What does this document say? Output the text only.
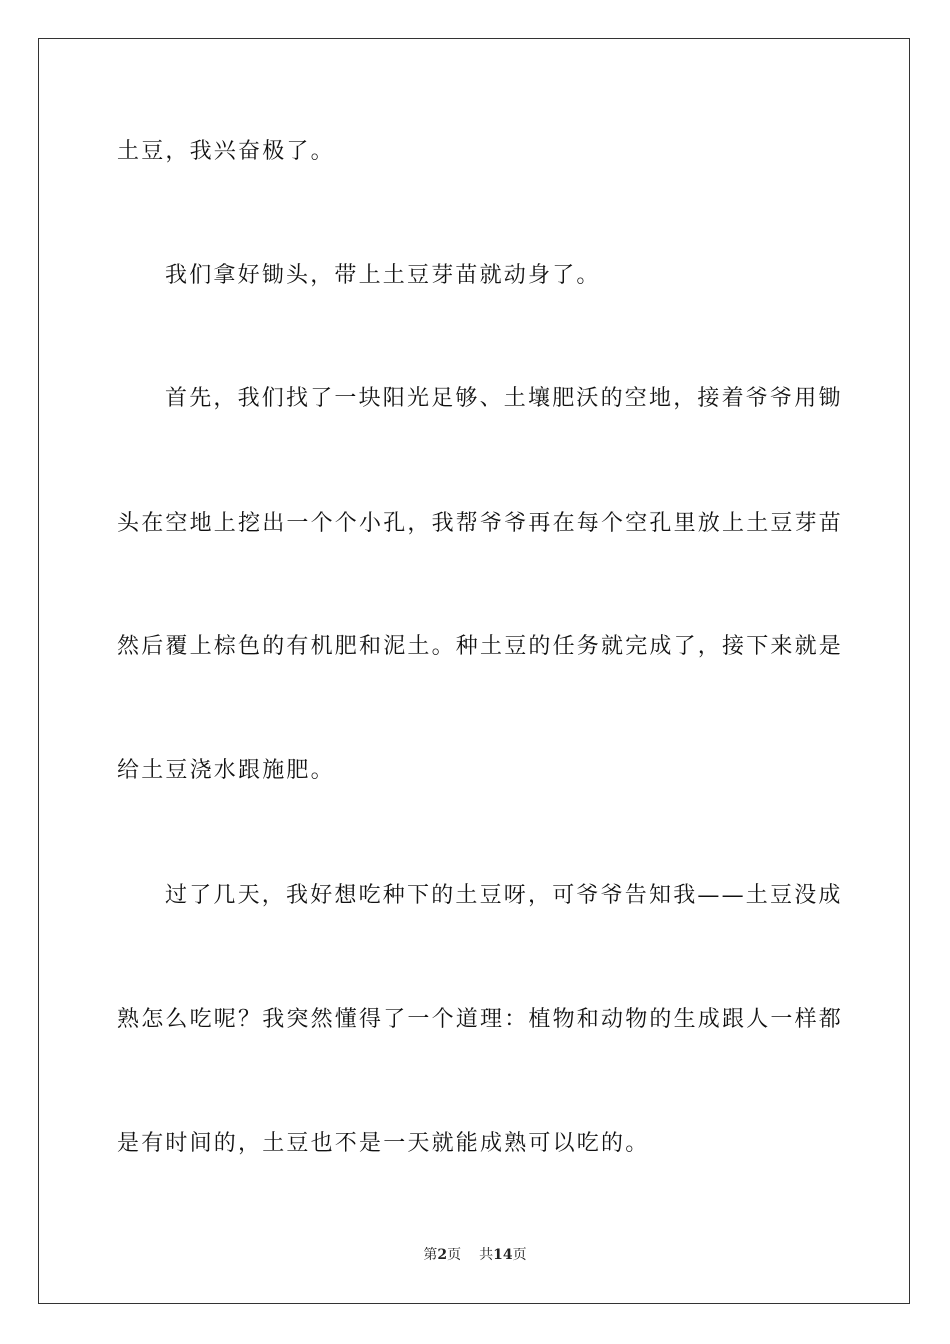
土豆，我兴奋极了。
我们拿好锄头，带上土豆芽苗就动身了。
首先，我们找了一块阳光足够、土壤肥沃的空地，接着爷爷用锄
头在空地上挖出一个个小孔，我帮爷爷再在每个空孔里放上土豆芽苗
然后覆上棕色的有机肥和泥土。种土豆的任务就完成了，接下来就是
给土豆浇水跟施肥。
过了几天，我好想吃种下的土豆呀，可爷爷告知我——土豆没成
熟怎么吃呢？我突然懂得了一个道理：植物和动物的生成跟人一样都
是有时间的，土豆也不是一天就能成熟可以吃的。
第2页 共14页
